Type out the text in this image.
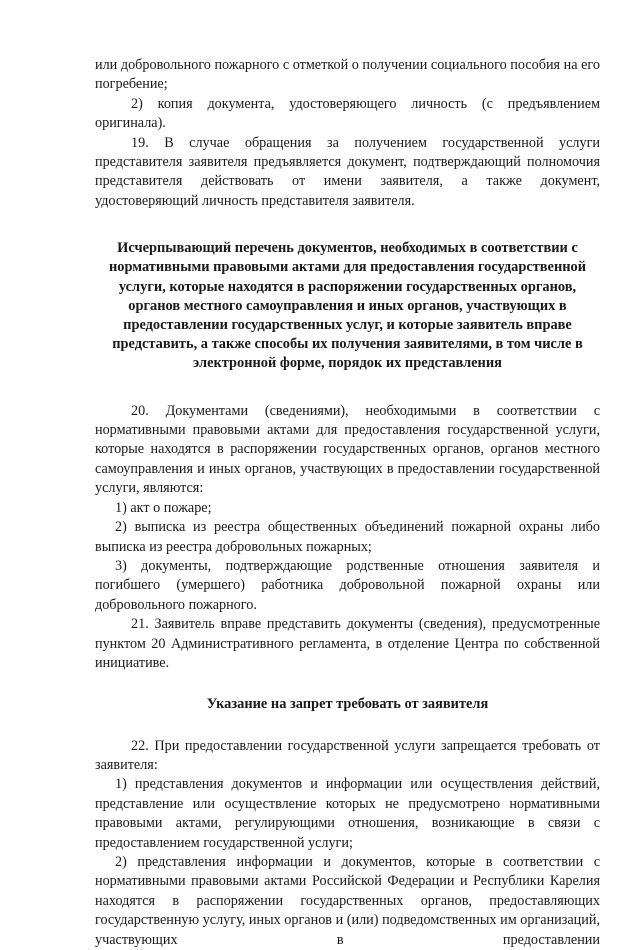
или добровольного пожарного с отметкой о получении социального пособия на его погребение;

2) копия документа, удостоверяющего личность (с предъявлением оригинала).

19. В случае обращения за получением государственной услуги представителя заявителя предъявляется документ, подтверждающий полномочия представителя действовать от имени заявителя, а также документ, удостоверяющий личность представителя заявителя.

Исчерпывающий перечень документов, необходимых в соответствии с нормативными правовыми актами для предоставления государственной услуги, которые находятся в распоряжении государственных органов, органов местного самоуправления и иных органов, участвующих в предоставлении государственных услуг, и которые заявитель вправе представить, а также способы их получения заявителями, в том числе в электронной форме, порядок их представления

20. Документами (сведениями), необходимыми в соответствии с нормативными правовыми актами для предоставления государственной услуги, которые находятся в распоряжении государственных органов, органов местного самоуправления и иных органов, участвующих в предоставлении государственной услуги, являются:

1) акт о пожаре;

2) выписка из реестра общественных объединений пожарной охраны либо выписка из реестра добровольных пожарных;

3) документы, подтверждающие родственные отношения заявителя и погибшего (умершего) работника добровольной пожарной охраны или добровольного пожарного.

21. Заявитель вправе представить документы (сведения), предусмотренные пунктом 20 Административного регламента, в отделение Центра по собственной инициативе.

Указание на запрет требовать от заявителя

22. При предоставлении государственной услуги запрещается требовать от заявителя:

1) представления документов и информации или осуществления действий, представление или осуществление которых не предусмотрено нормативными правовыми актами, регулирующими отношения, возникающие в связи с предоставлением государственной услуги;

2) представления информации и документов, которые в соответствии с нормативными правовыми актами Российской Федерации и Республики Карелия находятся в распоряжении государственных органов, предоставляющих государственную услугу, иных органов и (или) подведомственных им организаций, участвующих в предоставлении
